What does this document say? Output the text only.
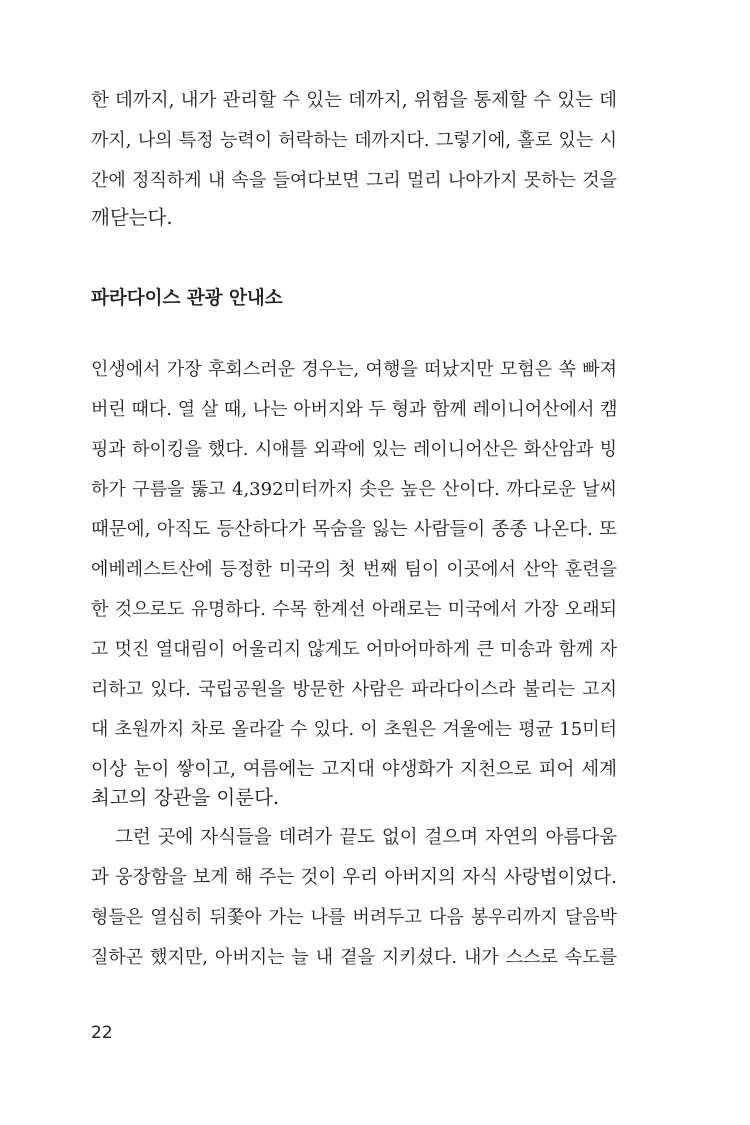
한 데까지, 내가 관리할 수 있는 데까지, 위험을 통제할 수 있는 데
까지, 나의 특정 능력이 허락하는 데까지다. 그렇기에, 홀로 있는 시
간에 정직하게 내 속을 들여다보면 그리 멀리 나아가지 못하는 것을
깨닫는다.
파라다이스 관광 안내소
인생에서 가장 후회스러운 경우는, 여행을 떠났지만 모험은 쏙 빠져
버린 때다. 열 살 때, 나는 아버지와 두 형과 함께 레이니어산에서 캠
핑과 하이킹을 했다. 시애틀 외곽에 있는 레이니어산은 화산암과 빙
하가 구름을 뚫고 4,392미터까지 솟은 높은 산이다. 까다로운 날씨
때문에, 아직도 등산하다가 목숨을 잃는 사람들이 종종 나온다. 또
에베레스트산에 등정한 미국의 첫 번째 팀이 이곳에서 산악 훈련을
한 것으로도 유명하다. 수목 한계선 아래로는 미국에서 가장 오래되
고 멋진 열대림이 어울리지 않게도 어마어마하게 큰 미송과 함께 자
리하고 있다. 국립공원을 방문한 사람은 파라다이스라 불리는 고지
대 초원까지 차로 올라갈 수 있다. 이 초원은 겨울에는 평균 15미터
이상 눈이 쌓이고, 여름에는 고지대 야생화가 지천으로 피어 세계
최고의 장관을 이룬다.
그런 곳에 자식들을 데려가 끝도 없이 걸으며 자연의 아름다움
과 웅장함을 보게 해 주는 것이 우리 아버지의 자식 사랑법이었다.
형들은 열심히 뒤쫓아 가는 나를 버려두고 다음 봉우리까지 달음박
질하곤 했지만, 아버지는 늘 내 곁을 지키셨다. 내가 스스로 속도를
22
